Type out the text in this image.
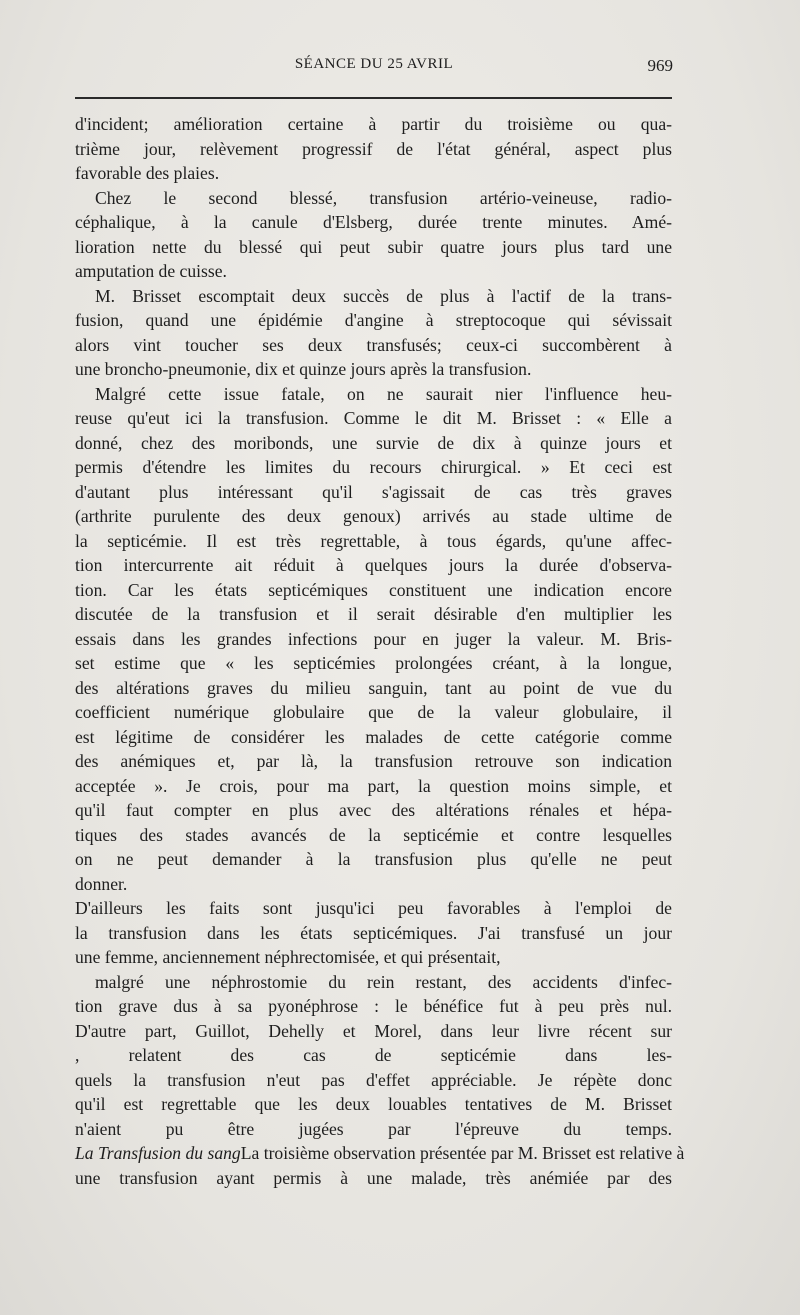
SÉANCE DU 25 AVRIL	969
d'incident; amélioration certaine à partir du troisième ou qua-
trième jour, relèvement progressif de l'état général, aspect plus
favorable des plaies.
Chez le second blessé, transfusion artério-veineuse, radio-
céphalique, à la canule d'Elsberg, durée trente minutes. Amé-
lioration nette du blessé qui peut subir quatre jours plus tard une
amputation de cuisse.
M. Brisset escomptait deux succès de plus à l'actif de la trans-
fusion, quand une épidémie d'angine à streptocoque qui sévissait
alors vint toucher ses deux transfusés; ceux-ci succombèrent à
une broncho-pneumonie, dix et quinze jours après la transfusion.
Malgré cette issue fatale, on ne saurait nier l'influence heu-
reuse qu'eut ici la transfusion. Comme le dit M. Brisset : « Elle a
donné, chez des moribonds, une survie de dix à quinze jours et
permis d'étendre les limites du recours chirurgical. » Et ceci est
d'autant plus intéressant qu'il s'agissait de cas très graves
(arthrite purulente des deux genoux) arrivés au stade ultime de
la septicémie. Il est très regrettable, à tous égards, qu'une affec-
tion intercurrente ait réduit à quelques jours la durée d'observa-
tion. Car les états septicémiques constituent une indication encore
discutée de la transfusion et il serait désirable d'en multiplier les
essais dans les grandes infections pour en juger la valeur. M. Bris-
set estime que « les septicémies prolongées créant, à la longue,
des altérations graves du milieu sanguin, tant au point de vue du
coefficient numérique globulaire que de la valeur globulaire, il
est légitime de considérer les malades de cette catégorie comme
des anémiques et, par là, la transfusion retrouve son indication
acceptée ». Je crois, pour ma part, la question moins simple, et
qu'il faut compter en plus avec des altérations rénales et hépa-
tiques des stades avancés de la septicémie et contre lesquelles
on ne peut demander à la transfusion plus qu'elle ne peut
donner.
D'ailleurs les faits sont jusqu'ici peu favorables à l'emploi de
la transfusion dans les états septicémiques. J'ai transfusé un jour
une femme, anciennement néphrectomisée, et qui présentait,
malgré une néphrostomie du rein restant, des accidents d'infec-
tion grave dus à sa pyonéphrose : le bénéfice fut à peu près nul.
D'autre part, Guillot, Dehelly et Morel, dans leur livre récent sur
, relatent des cas de septicémie dans les-
quels la transfusion n'eut pas d'effet appréciable. Je répète donc
qu'il est regrettable que les deux louables tentatives de M. Brisset
n'aient pu être jugées par l'épreuve du temps.
La Transfusion du sangLa troisième observation présentée par M. Brisset est relative à
une transfusion ayant permis à une malade, très anémiée par des
